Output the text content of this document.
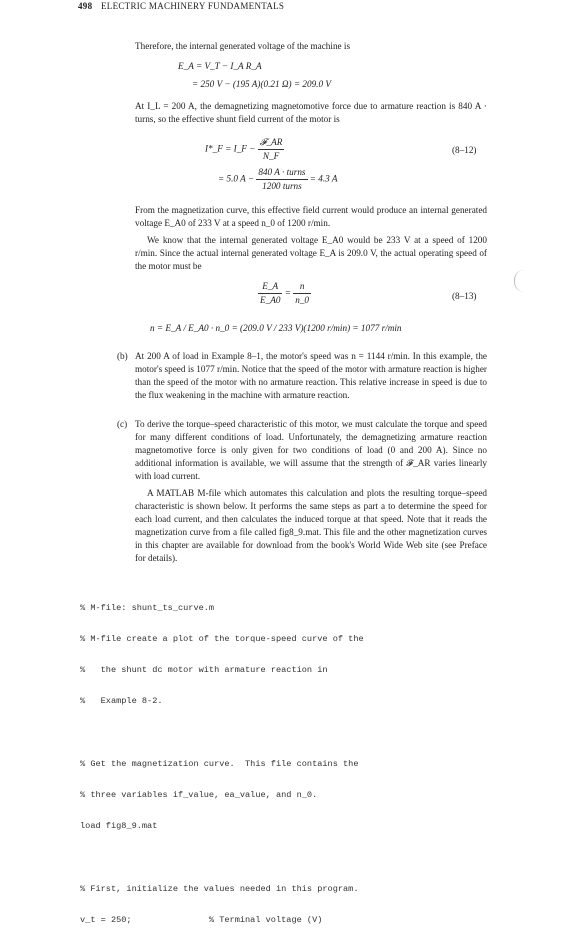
498 ELECTRIC MACHINERY FUNDAMENTALS
Therefore, the internal generated voltage of the machine is
E_A = V_T − I_A R_A
= 250 V − (195 A)(0.21 Ω) = 209.0 V
At I_L = 200 A, the demagnetizing magnetomotive force due to armature reaction is 840 A · turns, so the effective shunt field current of the motor is
I*_F = I_F − $\frac{\text{𝓕\_AR}}{N\_F}$	(8–12)
= 5.0 $A - \frac{\text{840 A · turns}}{\text{1200 turns}} = 4.3$ A
From the magnetization curve, this effective field current would produce an internal generated voltage E_A0 of 233 V at a speed n_0 of 1200 r/min.
We know that the internal generated voltage E_A0 would be 233 V at a speed of 1200 r/min. Since the actual internal generated voltage E_A is 209.0 V, the actual operating speed of the motor must be
$\frac{E\_A}{E\_A0} = \frac{n}{n\_0}$	(8–13)
n = E_A / E_A0 · n_0 = (209.0 V / 233 V)(1200 r/min) = 1077 r/min
(b) At 200 A of load in Example 8–1, the motor's speed was n = 1144 r/min. In this example, the motor's speed is 1077 r/min. Notice that the speed of the motor with armature reaction is higher than the speed of the motor with no armature reaction. This relative increase in speed is due to the flux weakening in the machine with armature reaction.
(c) To derive the torque–speed characteristic of this motor, we must calculate the torque and speed for many different conditions of load. Unfortunately, the demagnetizing armature reaction magnetomotive force is only given for two conditions of load (0 and 200 A). Since no additional information is available, we will assume that the strength of 𝓕_AR varies linearly with load current.
A MATLAB M-file which automates this calculation and plots the resulting torque–speed characteristic is shown below. It performs the same steps as part a to determine the speed for each load current, and then calculates the induced torque at that speed. Note that it reads the magnetization curve from a file called fig8_9.mat. This file and the other magnetization curves in this chapter are available for download from the book's World Wide Web site (see Preface for details).

% M-file: shunt_ts_curve.m

% M-file create a plot of the torque-speed curve of the

%   the shunt dc motor with armature reaction in

%   Example 8-2.

% Get the magnetization curve.  This file contains the

% three variables if_value, ea_value, and n_0.

load fig8_9.mat

% First, initialize the values needed in this program.

v_t = 250;               % Terminal voltage (V)
